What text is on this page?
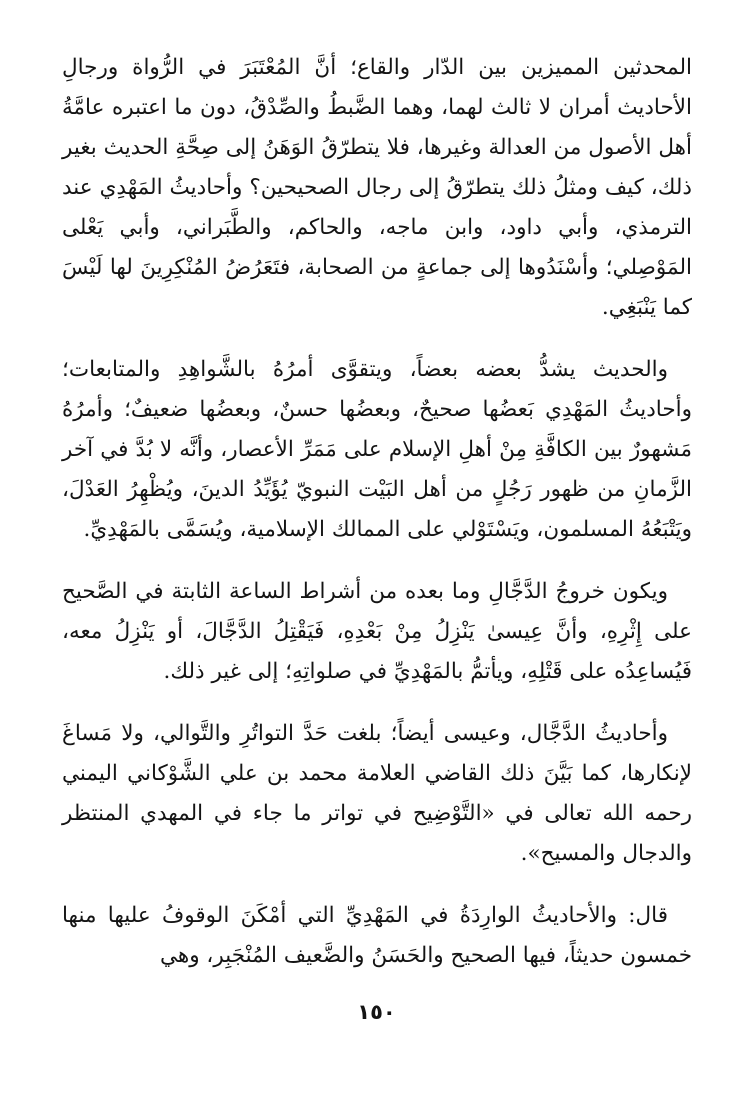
المحدثين المميزين بين الدّار والقاع؛ أنَّ المُعْتَبَرَ في الرُّواة ورجالِ الأحاديث أمران لا ثالث لهما، وهما الضَّبطُ والصِّدْقُ، دون ما اعتبره عامَّةُ أهل الأصول من العدالة وغيرها، فلا يتطرّقُ الوَهَنُ إلى صِحَّةِ الحديث بغير ذلك، كيف ومثلُ ذلك يتطرّقُ إلى رجال الصحيحين؟ وأحاديثُ المَهْدِي عند الترمذي، وأبي داود، وابن ماجه، والحاكم، والطَّبَراني، وأبي يَعْلى المَوْصِلي؛ وأسْنَدُوها إلى جماعةٍ من الصحابة، فتَعَرُضُ المُنْكِرِينَ لها لَيْسَ كما يَنْبَغِي.

والحديث يشدُّ بعضه بعضاً، ويتقوَّى أمرُهُ بالشَّواهِدِ والمتابعات؛ وأحاديثُ المَهْدِي بَعضُها صحيحٌ، وبعضُها حسنٌ، وبعضُها ضعيفٌ؛ وأمرُهُ مَشهورٌ بين الكافَّةِ مِنْ أهلِ الإسلام على مَمَرِّ الأعصار، وأنَّه لا بُدَّ في آخر الزَّمانِ من ظهور رَجُلٍ من أهل البَيْت النبويّ يُؤَيِّدُ الدينَ، ويُظْهِرُ العَدْلَ، ويَتْبَعُهُ المسلمون، ويَسْتَوْلي على الممالك الإسلامية، ويُسَمَّى بالمَهْدِيِّ.

ويكون خروجُ الدَّجَّالِ وما بعده من أشراط الساعة الثابتة في الصَّحيح على إِثْرِهِ، وأنَّ عِيسىٰ يَنْزِلُ مِنْ بَعْدِهِ، فَيَقْتِلُ الدَّجَّالَ، أو يَنْزِلُ معه، فَيُساعِدُه على قَتْلِهِ، ويأتمُّ بالمَهْدِيِّ في صلواتِهِ؛ إلى غير ذلك.

وأحاديثُ الدَّجَّال، وعيسى أيضاً؛ بلغت حَدَّ التواتُرِ والتَّوالي، ولا مَساغَ لإنكارها، كما بَيَّنَ ذلك القاضي العلامة محمد بن علي الشَّوْكاني اليمني رحمه الله تعالى في «التَّوْضِيح في تواتر ما جاء في المهدي المنتظر والدجال والمسيح».

قال: والأحاديثُ الوارِدَةُ في المَهْدِيِّ التي أمْكَنَ الوقوفُ عليها منها خمسون حديثاً، فيها الصحيح والحَسَنُ والضَّعيف المُنْجَبِر، وهي

١٥٠
